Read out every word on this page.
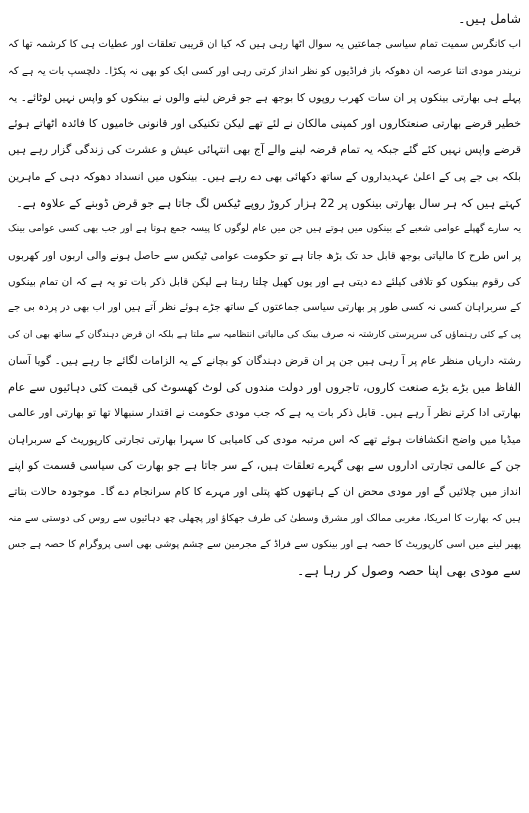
شامل ہیں۔
اب کانگرس سمیت تمام سیاسی جماعتیں یہ سوال اٹھا رہی ہیں کہ کیا ان قریبی تعلقات اور عطیات ہی کا کرشمہ تھا کہ
نریندر مودی اتنا عرصہ ان دھوکہ باز فراڈیوں کو نظر انداز کرتی رہی اور کسی ایک کو بھی نہ پکڑا۔ دلچسپ بات یہ ہے کہ
پہلے ہی بھارتی بینکوں پر ان سات کھرب روپوں کا بوجھ ہے جو قرض لینے والوں نے بینکوں کو واپس نہیں لوٹائے۔ یہ
خطیر قرضے بھارتی صنعتکاروں اور کمپنی مالکان نے لئے تھے لیکن تکنیکی اور قانونی خامیوں کا فائدہ اٹھاتے ہوئے
قرضے واپس نہیں کئے گئے جبکہ یہ تمام قرضہ لینے والے آج بھی انتہائی عیش و عشرت کی زندگی گزار رہے ہیں
بلکہ بی جے پی کے اعلیٰ عہدیداروں کے ساتھ دکھائی بھی دے رہے ہیں۔ بینکوں میں انسداد دھوکہ دہی کے ماہرین
کہتے ہیں کہ ہر سال بھارتی بینکوں پر 22 ہزار کروڑ روپے ٹیکس لگ جاتا ہے جو قرض ڈوبنے کے علاوہ ہے۔
یہ سارے گھپلے عوامی شعبے کے بینکوں میں ہوتے ہیں جن میں عام لوگوں کا پیسہ جمع ہوتا ہے اور جب بھی کسی عوامی بینک
پر اس طرح کا مالیاتی بوجھ قابل حد تک بڑھ جاتا ہے تو حکومت عوامی ٹیکس سے حاصل ہونے والی اربوں اور کھربوں
کی رقوم بینکوں کو تلافی کیلئے دے دیتی ہے اور یوں کھیل چلتا رہتا ہے لیکن قابل ذکر بات تو یہ ہے کہ ان تمام بینکوں
کے سربراہان کسی نہ کسی طور پر بھارتی سیاسی جماعتوں کے ساتھ جڑے ہوئے نظر آتے ہیں اور اب بھی در پردہ بی جے
پی کے کئی رہنماؤں کی سرپرستی کارشتہ نہ صرف بینک کی مالیاتی انتظامیہ سے ملتا ہے بلکہ ان قرض دہندگان کے ساتھ بھی ان کی
رشتہ داریاں منظر عام پر آ رہی ہیں جن پر ان قرض دہندگان کو بچانے کے یہ الزامات لگائے جا رہے ہیں۔ گویا آسان
الفاظ میں بڑے بڑے صنعت کاروں، تاجروں اور دولت مندوں کی لوٹ کھسوٹ کی قیمت کئی دہائیوں سے عام
بھارتی ادا کرتے نظر آ رہے ہیں۔ قابل ذکر بات یہ ہے کہ جب مودی حکومت نے اقتدار سنبھالا تھا تو بھارتی اور عالمی
میڈیا میں واضح انکشافات ہوئے تھے کہ اس مرتبہ مودی کی کامیابی کا سہرا بھارتی تجارتی کارپوریٹ کے سربراہان
جن کے عالمی تجارتی اداروں سے بھی گہرے تعلقات ہیں، کے سر جاتا ہے جو بھارت کی سیاسی قسمت کو اپنے
انداز میں چلائیں گے اور مودی محض ان کے ہاتھوں کٹھ پتلی اور مہرے کا کام سرانجام دے گا۔ موجودہ حالات بتاتے
ہیں کہ بھارت کا امریکا، مغربی ممالک اور مشرق وسطیٰ کی طرف جھکاؤ اور پچھلی چھ دہائیوں سے روس کی دوستی سے منہ
پھیر لینے میں اسی کارپوریٹ کا حصہ ہے اور بینکوں سے فراڈ کے مجرمین سے چشم پوشی بھی اسی پروگرام کا حصہ ہے جس
سے مودی بھی اپنا حصہ وصول کر رہا ہے۔
